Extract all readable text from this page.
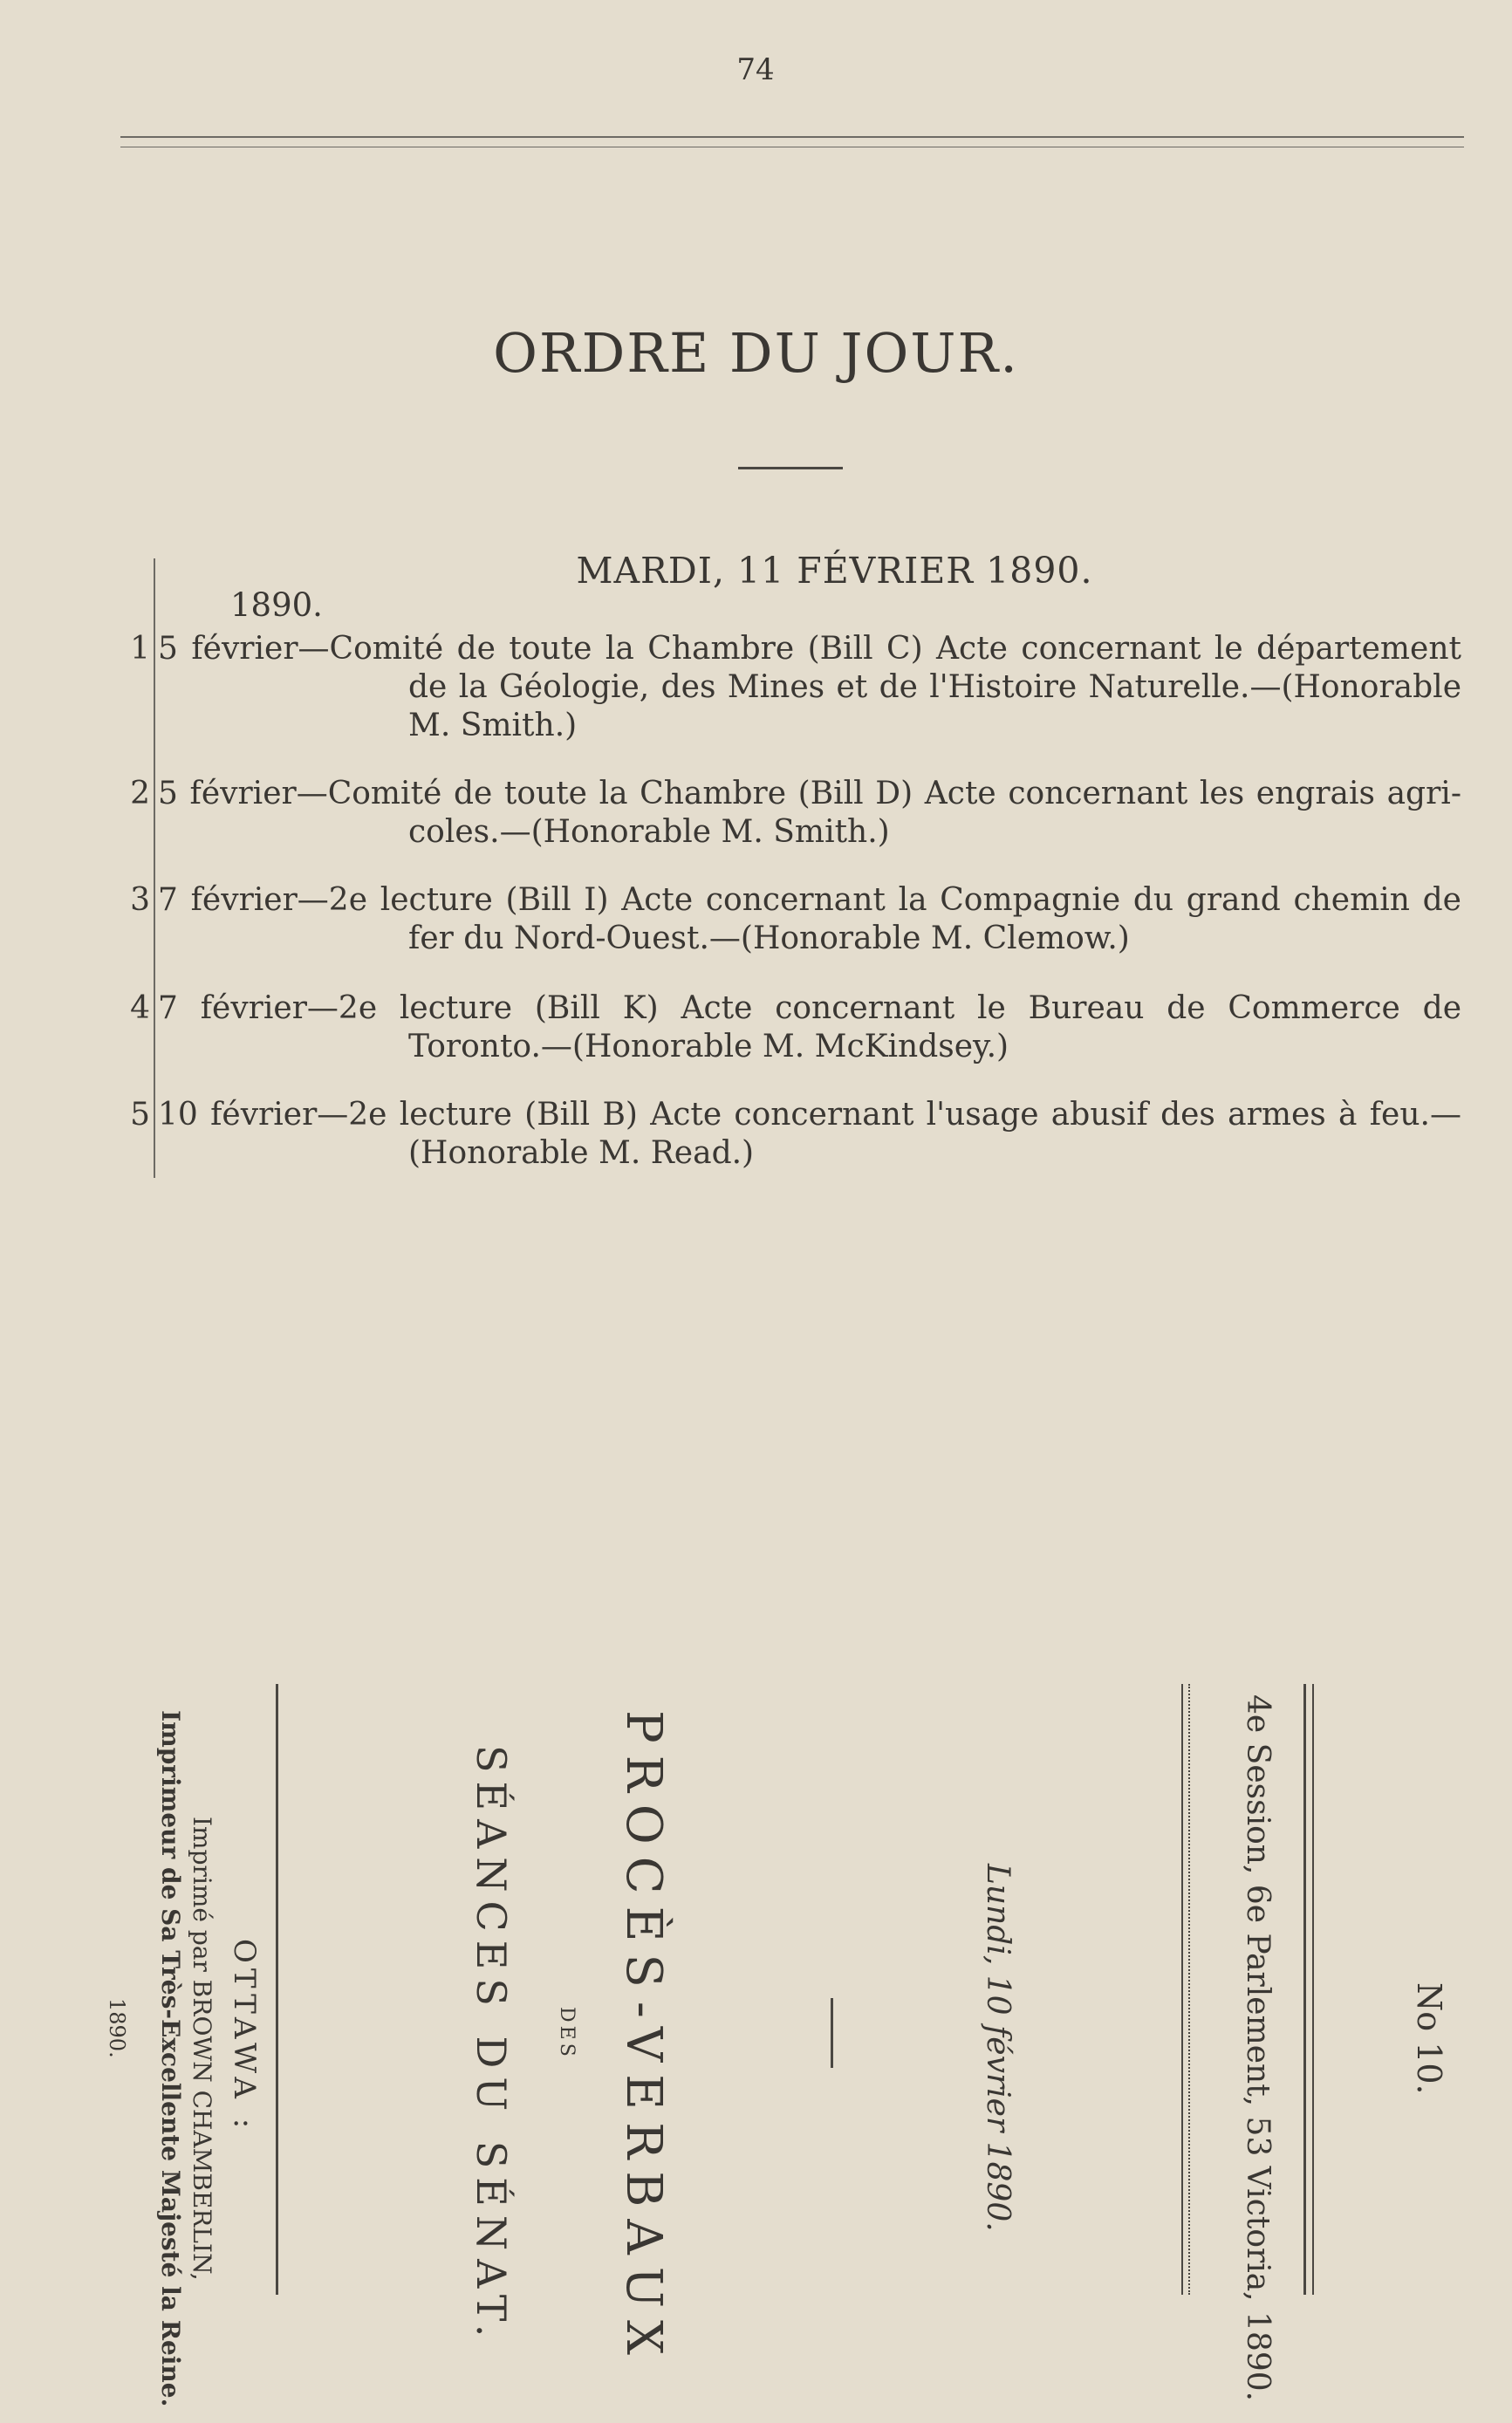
74
ORDRE DU JOUR.
MARDI, 11 FÉVRIER 1890.
1890.
1 5 février—Comité de toute la Chambre (Bill C) Acte concernant le département
de la Géologie, des Mines et de l'Histoire Naturelle.—(Honorable
M. Smith.)
2 5 février—Comité de toute la Chambre (Bill D) Acte concernant les engrais agri-
coles.—(Honorable M. Smith.)
3 7 février—2e lecture (Bill I) Acte concernant la Compagnie du grand chemin de
fer du Nord-Ouest.—(Honorable M. Clemow.)
4 7 février—2e lecture (Bill K) Acte concernant le Bureau de Commerce de
Toronto.—(Honorable M. McKindsey.)
5 10 février—2e lecture (Bill B) Acte concernant l'usage abusif des armes à feu.—
(Honorable M. Read.)
No 10.
4e Session, 6e Parlement, 53 Victoria, 1890.
Lundi, 10 février 1890.
PROCÈS-VERBAUX
DES
SÉANCES DU SÉNAT.
OTTAWA :
Imprimé par BROWN CHAMBERLIN,
Imprimeur de Sa Très-Excellente Majesté la Reine.
1890.
